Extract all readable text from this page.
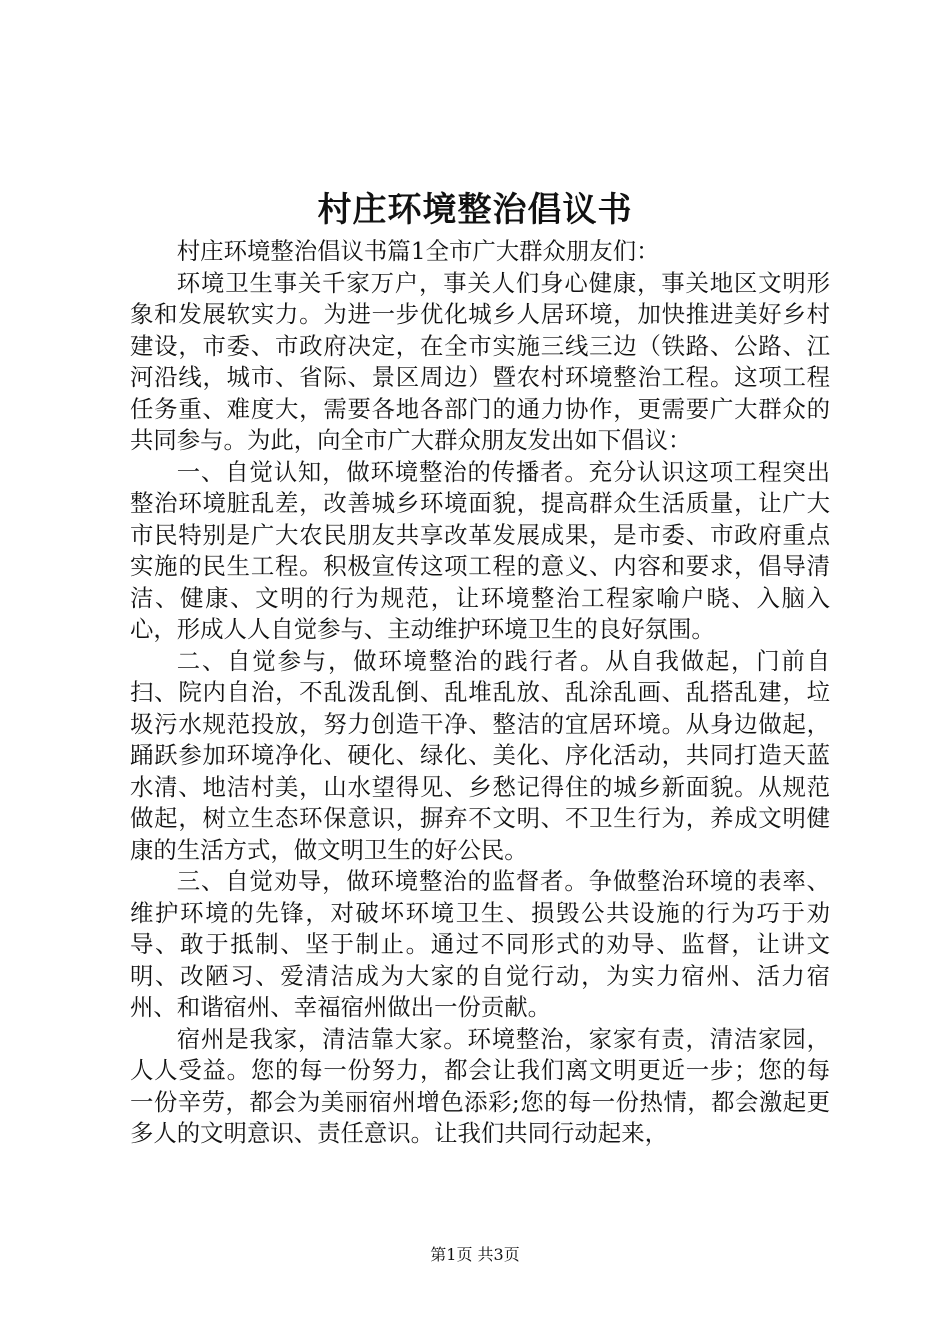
村庄环境整治倡议书

村庄环境整治倡议书篇1全市广大群众朋友们：

环境卫生事关千家万户，事关人们身心健康，事关地区文明形象和发展软实力。为进一步优化城乡人居环境，加快推进美好乡村建设，市委、市政府决定，在全市实施三线三边（铁路、公路、江河沿线，城市、省际、景区周边）暨农村环境整治工程。这项工程任务重、难度大，需要各地各部门的通力协作，更需要广大群众的共同参与。为此，向全市广大群众朋友发出如下倡议：

一、自觉认知，做环境整治的传播者。充分认识这项工程突出整治环境脏乱差，改善城乡环境面貌，提高群众生活质量，让广大市民特别是广大农民朋友共享改革发展成果，是市委、市政府重点实施的民生工程。积极宣传这项工程的意义、内容和要求，倡导清洁、健康、文明的行为规范，让环境整治工程家喻户晓、入脑入心，形成人人自觉参与、主动维护环境卫生的良好氛围。

二、自觉参与，做环境整治的践行者。从自我做起，门前自扫、院内自治，不乱泼乱倒、乱堆乱放、乱涂乱画、乱搭乱建，垃圾污水规范投放，努力创造干净、整洁的宜居环境。从身边做起，踊跃参加环境净化、硬化、绿化、美化、序化活动，共同打造天蓝水清、地洁村美，山水望得见、乡愁记得住的城乡新面貌。从规范做起，树立生态环保意识，摒弃不文明、不卫生行为，养成文明健康的生活方式，做文明卫生的好公民。

三、自觉劝导，做环境整治的监督者。争做整治环境的表率、维护环境的先锋，对破坏环境卫生、损毁公共设施的行为巧于劝导、敢于抵制、坚于制止。通过不同形式的劝导、监督，让讲文明、改陋习、爱清洁成为大家的自觉行动，为实力宿州、活力宿州、和谐宿州、幸福宿州做出一份贡献。

宿州是我家，清洁靠大家。环境整治，家家有责，清洁家园，人人受益。您的每一份努力，都会让我们离文明更近一步；您的每一份辛劳，都会为美丽宿州增色添彩;您的每一份热情，都会激起更多人的文明意识、责任意识。让我们共同行动起来，

第1页 共3页
